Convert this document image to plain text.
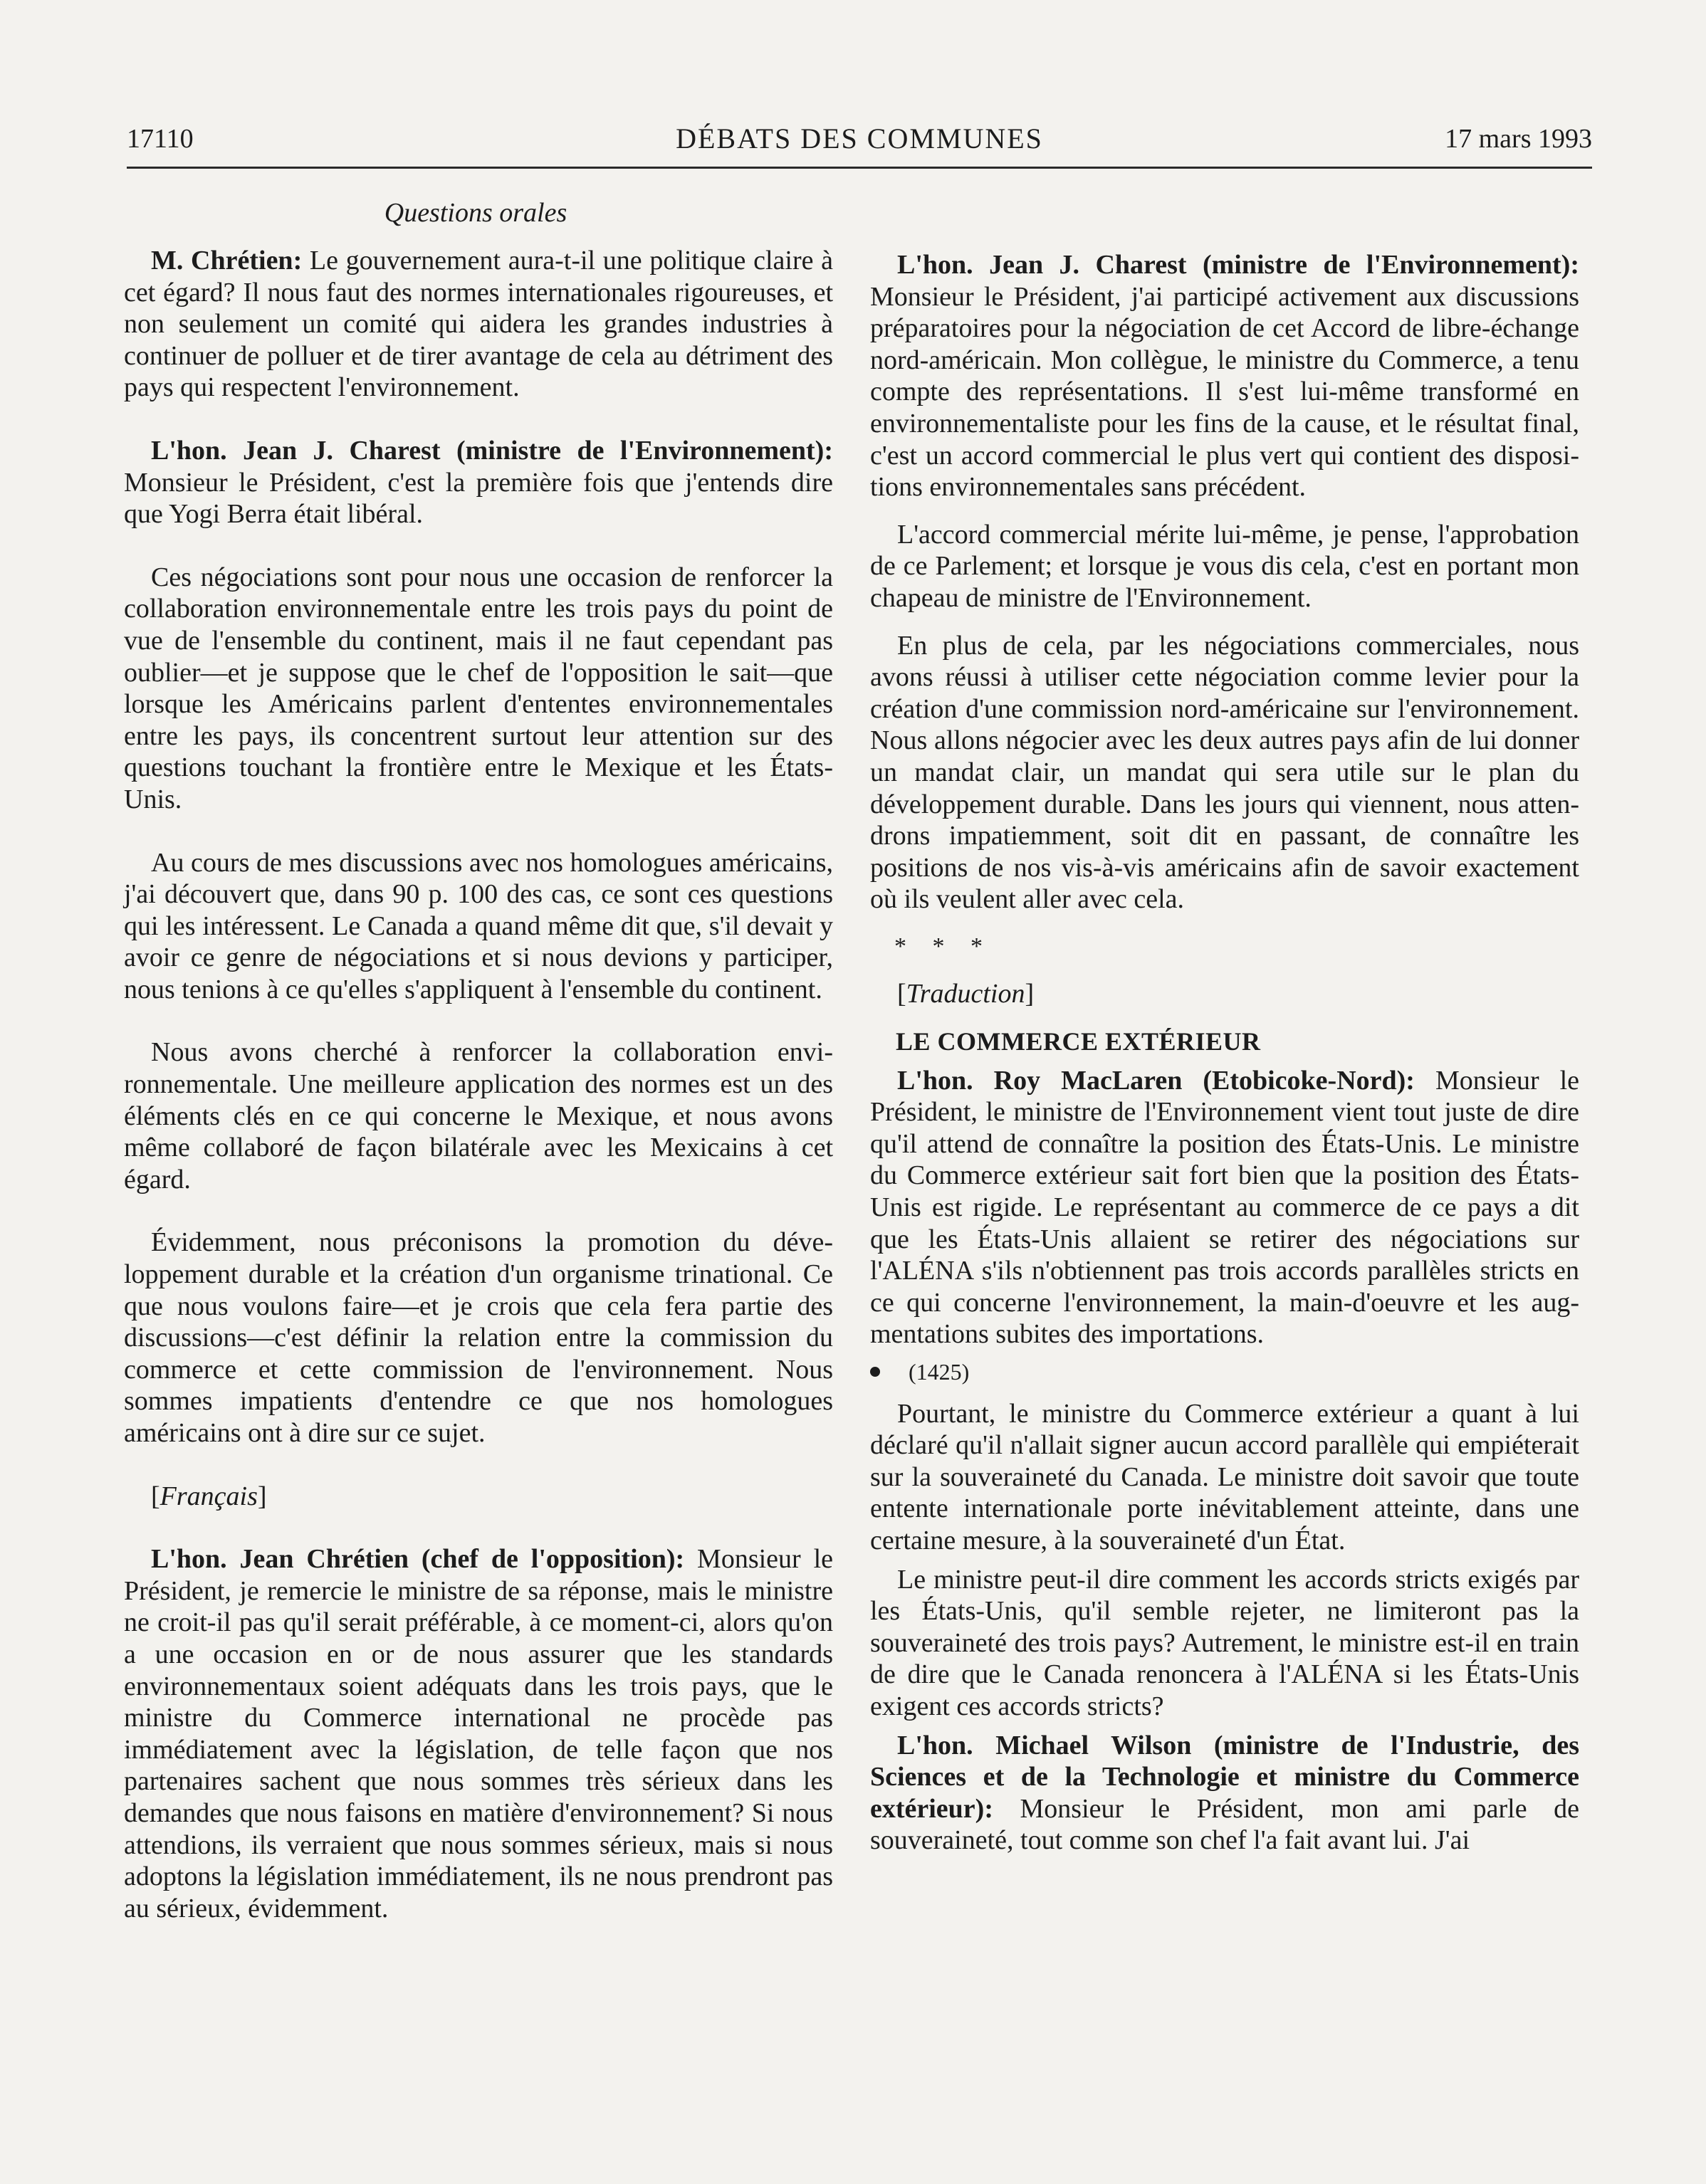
17110	DÉBATS DES COMMUNES	17 mars 1993
Questions orales

M. Chrétien: Le gouvernement aura-t-il une politique claire à cet égard? Il nous faut des normes internationales rigoureuses, et non seulement un comité qui aidera les grandes industries à continuer de polluer et de tirer avantage de cela au détriment des pays qui respectent l'environnement.

L'hon. Jean J. Charest (ministre de l'Environnement): Monsieur le Président, c'est la première fois que j'entends dire que Yogi Berra était libéral.

Ces négociations sont pour nous une occasion de renforcer la collaboration environnementale entre les trois pays du point de vue de l'ensemble du continent, mais il ne faut cependant pas oublier—et je suppose que le chef de l'opposition le sait—que lorsque les Américains parlent d'ententes environnementales entre les pays, ils concentrent surtout leur attention sur des questions touchant la frontière entre le Mexique et les États-Unis.

Au cours de mes discussions avec nos homologues américains, j'ai découvert que, dans 90 p. 100 des cas, ce sont ces questions qui les intéressent. Le Canada a quand même dit que, s'il devait y avoir ce genre de négociations et si nous devions y participer, nous tenions à ce qu'elles s'appliquent à l'ensemble du continent.

Nous avons cherché à renforcer la collaboration environnementale. Une meilleure application des normes est un des éléments clés en ce qui concerne le Mexique, et nous avons même collaboré de façon bilatérale avec les Mexicains à cet égard.

Évidemment, nous préconisons la promotion du développement durable et la création d'un organisme trinational. Ce que nous voulons faire—et je crois que cela fera partie des discussions—c'est définir la relation entre la commission du commerce et cette commission de l'environnement. Nous sommes impatients d'entendre ce que nos homologues américains ont à dire sur ce sujet.

[Français]

L'hon. Jean Chrétien (chef de l'opposition): Monsieur le Président, je remercie le ministre de sa réponse, mais le ministre ne croit-il pas qu'il serait préférable, à ce moment-ci, alors qu'on a une occasion en or de nous assurer que les standards environnementaux soient adéquats dans les trois pays, que le ministre du Commerce international ne procède pas immédiatement avec la législation, de telle façon que nos partenaires sachent que nous sommes très sérieux dans les demandes que nous faisons en matière d'environnement? Si nous attendions, ils verraient que nous sommes sérieux, mais si nous adoptons la législation immédiatement, ils ne nous prendront pas au sérieux, évidemment.

L'hon. Jean J. Charest (ministre de l'Environnement): Monsieur le Président, j'ai participé activement aux discussions préparatoires pour la négociation de cet Accord de libre-échange nord-américain. Mon collègue, le ministre du Commerce, a tenu compte des représentations. Il s'est lui-même transformé en environnementaliste pour les fins de la cause, et le résultat final, c'est un accord commercial le plus vert qui contient des dispositions environnementales sans précédent.

L'accord commercial mérite lui-même, je pense, l'approbation de ce Parlement; et lorsque je vous dis cela, c'est en portant mon chapeau de ministre de l'Environnement.

En plus de cela, par les négociations commerciales, nous avons réussi à utiliser cette négociation comme levier pour la création d'une commission nord-américaine sur l'environnement. Nous allons négocier avec les deux autres pays afin de lui donner un mandat clair, un mandat qui sera utile sur le plan du développement durable. Dans les jours qui viennent, nous attendrons impatiemment, soit dit en passant, de connaître les positions de nos vis-à-vis américains afin de savoir exactement où ils veulent aller avec cela.

* * *

[Traduction]

LE COMMERCE EXTÉRIEUR

L'hon. Roy MacLaren (Etobicoke-Nord): Monsieur le Président, le ministre de l'Environnement vient tout juste de dire qu'il attend de connaître la position des États-Unis. Le ministre du Commerce extérieur sait fort bien que la position des États-Unis est rigide. Le représentant au commerce de ce pays a dit que les États-Unis allaient se retirer des négociations sur l'ALÉNA s'ils n'obtiennent pas trois accords parallèles stricts en ce qui concerne l'environnement, la main-d'oeuvre et les augmentations subites des importations.

(1425)

Pourtant, le ministre du Commerce extérieur a quant à lui déclaré qu'il n'allait signer aucun accord parallèle qui empiéterait sur la souveraineté du Canada. Le ministre doit savoir que toute entente internationale porte inévitablement atteinte, dans une certaine mesure, à la souveraineté d'un État.

Le ministre peut-il dire comment les accords stricts exigés par les États-Unis, qu'il semble rejeter, ne limiteront pas la souveraineté des trois pays? Autrement, le ministre est-il en train de dire que le Canada renoncera à l'ALÉNA si les États-Unis exigent ces accords stricts?

L'hon. Michael Wilson (ministre de l'Industrie, des Sciences et de la Technologie et ministre du Commerce extérieur): Monsieur le Président, mon ami parle de souveraineté, tout comme son chef l'a fait avant lui. J'ai
